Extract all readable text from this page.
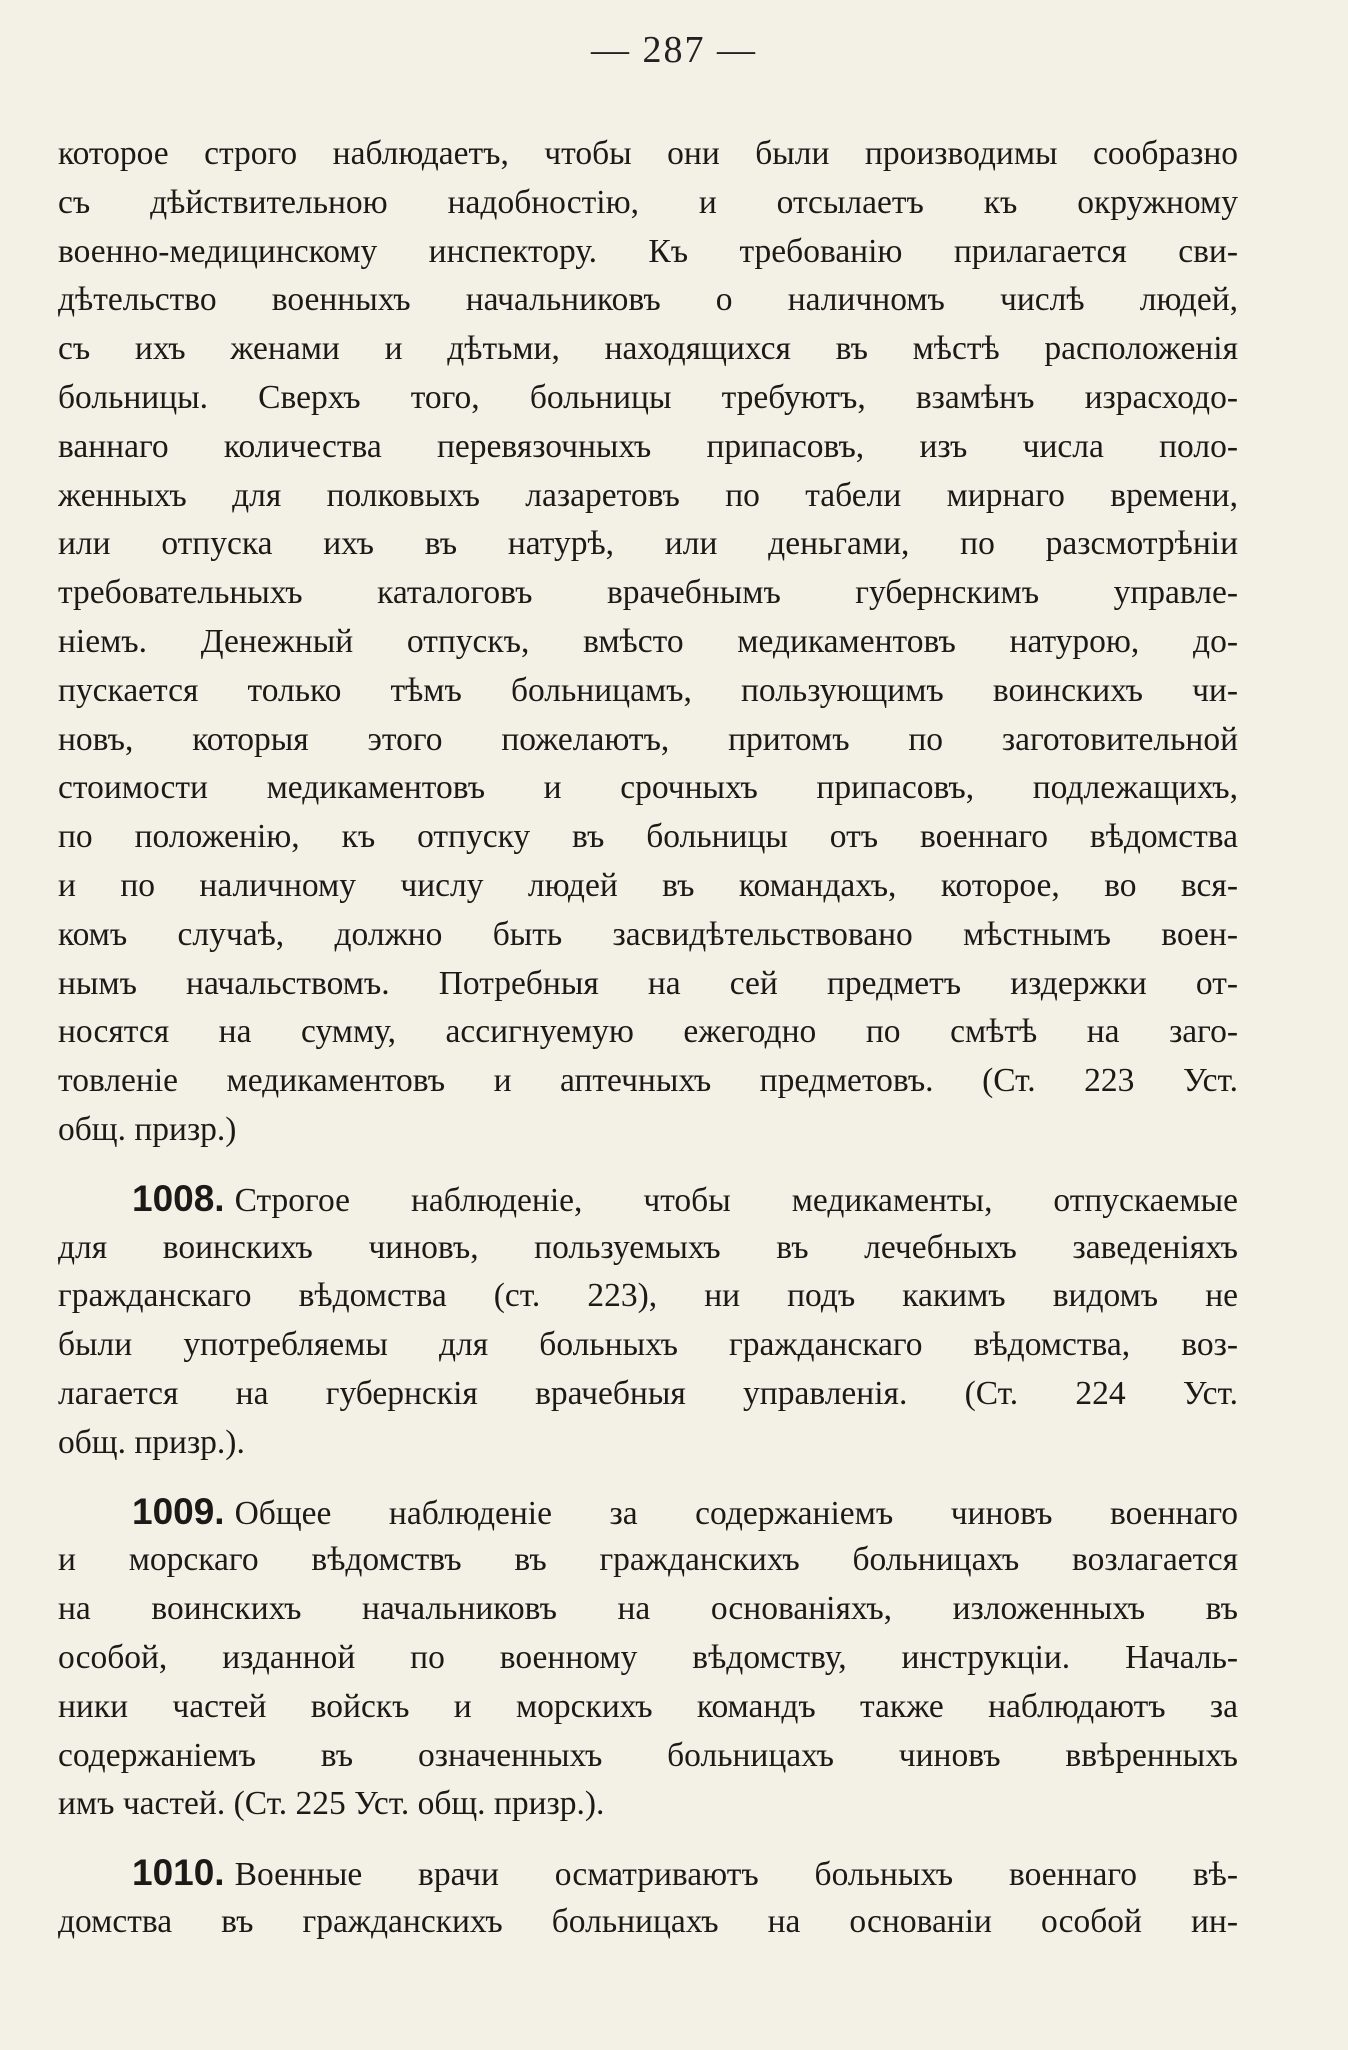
— 287 —
которое строго наблюдаетъ, чтобы они были производимы сообразно
съ дѣйствительною надобностію, и отсылаетъ къ окружному
военно-медицинскому инспектору. Къ требованію прилагается сви-
дѣтельство военныхъ начальниковъ о наличномъ числѣ людей,
съ ихъ женами и дѣтьми, находящихся въ мѣстѣ расположенія
больницы. Сверхъ того, больницы требуютъ, взамѣнъ израсходо-
ваннаго количества перевязочныхъ припасовъ, изъ числа поло-
женныхъ для полковыхъ лазаретовъ по табели мирнаго времени,
или отпуска ихъ въ натурѣ, или деньгами, по разсмотрѣніи
требовательныхъ каталоговъ врачебнымъ губернскимъ управле-
ніемъ. Денежный отпускъ, вмѣсто медикаментовъ натурою, до-
пускается только тѣмъ больницамъ, пользующимъ воинскихъ чи-
новъ, которыя этого пожелаютъ, притомъ по заготовительной
стоимости медикаментовъ и срочныхъ припасовъ, подлежащихъ,
по положенію, къ отпуску въ больницы отъ военнаго вѣдомства
и по наличному числу людей въ командахъ, которое, во вся-
комъ случаѣ, должно быть засвидѣтельствовано мѣстнымъ воен-
нымъ начальствомъ. Потребныя на сей предметъ издержки от-
носятся на сумму, ассигнуемую ежегодно по смѣтѣ на заго-
товленіе медикаментовъ и аптечныхъ предметовъ. (Ст. 223 Уст.
общ. призр.)
1008. Строгое наблюденіе, чтобы медикаменты, отпускаемые
для воинскихъ чиновъ, пользуемыхъ въ лечебныхъ заведеніяхъ
гражданскаго вѣдомства (ст. 223), ни подъ какимъ видомъ не
были употребляемы для больныхъ гражданскаго вѣдомства, воз-
лагается на губернскія врачебныя управленія. (Ст. 224 Уст.
общ. призр.).
1009. Общее наблюденіе за содержаніемъ чиновъ военнаго
и морскаго вѣдомствъ въ гражданскихъ больницахъ возлагается
на воинскихъ начальниковъ на основаніяхъ, изложенныхъ въ
особой, изданной по военному вѣдомству, инструкціи. Началь-
ники частей войскъ и морскихъ командъ также наблюдаютъ за
содержаніемъ въ означенныхъ больницахъ чиновъ ввѣренныхъ
имъ частей. (Ст. 225 Уст. общ. призр.).
1010. Военные врачи осматриваютъ больныхъ военнаго вѣ-
домства въ гражданскихъ больницахъ на основаніи особой ин-
